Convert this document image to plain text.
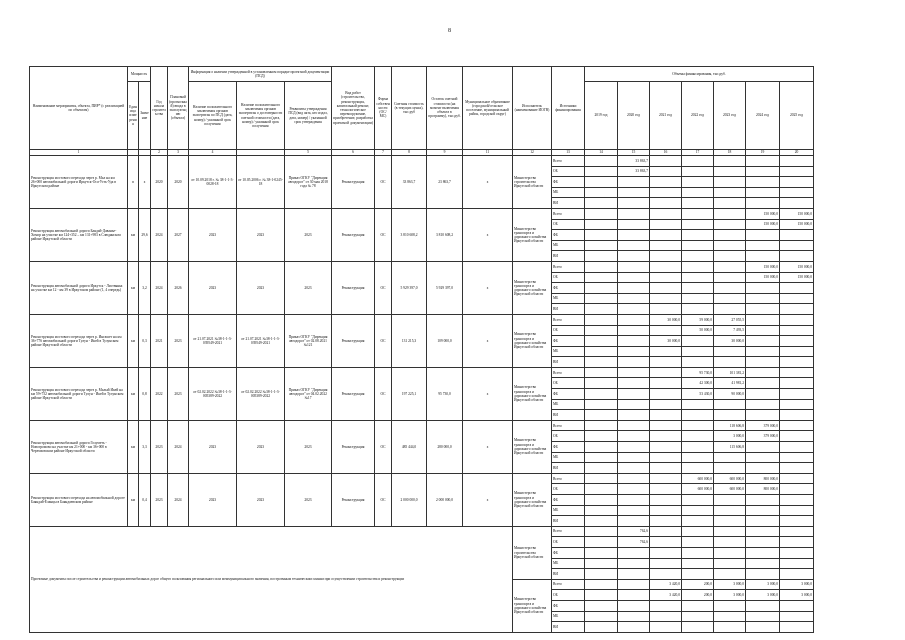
8
Наименование мероприятия, объекта, ПИР* (с реализацией по объектам)	Мощность		Год начала строительства	Плановый (прогнозный) ввода в эксплуатацию (объекта)	Информация о наличии утвержденной в установленном порядке проектной документации (ПСД)			Вид работ (строительство, реконструкция, капитальный ремонт, технологическое перевооружение, приобретение, разработка проектной документации)	Форма собственности (ОС/ МС)	Сметная стоимость (в текущих ценах), тыс.руб	Остаток сметной стоимости (на момент включения объекта в программу), тыс.руб.	Муниципальное образование (городской/сельское поселение, муниципальный район, городской округ)	Исполнитель (наименование ИОГВ)	Источники финансирования	Объемы финансирования, тыс.руб.						
	Единица измерения	Значение			Наличие положительного заключения органов экспертизы по ПСД (дата, номер) / указанной срок получения	Наличие положительного заключения органов экспертизы о достоверности сметной стоимости (дата, номер) / указанной срок получения	Реквизиты утверждения ПСД (вид акта, кто издал, дата, номер) / указанной срок утверждения								2019 год	2020 год	2021 год	2022 год	2023 год	2024 год	2025 год

1			2	3	4		5	6	7	8	9	11	12	13	14	15	16	17	18	19	20
Реконструкция мостового перехода через р. Мал на км 26+000 автомобильной дороги Иркутск-Оса-Усть-Уда в Иркутском районе	п	х	2020	2020	от 10.09.2018 г. № 38-1-1-3-0028-18	от 10.05.2006 г. № 38-1-0245-18	Приказ ОГКУ "Дирекция автодорог" от 30 мая 2018 года № 78	Реконструкция	ОС	33 863,7	23 863,7	х	Министерство строительства Иркутской области	Всего		33 863,7					
														ОБ		33 863,7					
														ФБ							
														МБ							
														ВИ							
Реконструкция автомобильной дороги Бандай-Даванье-Хомор на участке км 124+352 – км 131+983 в Слюдянском районе Иркутской области	км	29,6	2024	2027	2023	2023	2023	Реконструкция	ОС	3 810 608,2	3 810 608,2	х	Министерство транспорта и дорожного хозяйства Иркутской области	Всего						150 000,0	150 000,0
														ОБ						150 000,0	150 000,0
														ФБ							
														МБ							
														ВИ							
Реконструкция автомобильной дороги Иркутск - Листвянка на участке км 12 - км 39 в Иркутском районе (1, 4 очередь)	км	3,2	2024	2026	2023	2023	2023	Реконструкция	ОС	5 929 397,0	5 929 397,0	х	Министерство транспорта и дорожного хозяйства Иркутской области	Всего						150 000,0	150 000,0
														ОБ						150 000,0	150 000,0
														ФБ							
														МБ							
														ВИ							
Реконструкция мостового перехода через р. Ингашет на км 36+776 автомобильной дороги Тулун - Икей в Тулунском районе Иркутской области	км	0,3	2021	2023	от 21.07.2021 №38-1-1-3-039549-2021	от 21.07.2021 №38-1-1-3-039549-2021	Приказ ОГКУ "Дирекция автодорог" от 02.08.2021 №121	Реконструкция	ОС	131 215,3	109 000,0	х	Министерство транспорта и дорожного хозяйства Иркутской области	Всего			30 000,0	59 000,0	27 055,5		
														ОБ				50 000,0	7 493,5		
														ФБ			30 000,0		30 000,0		
														МБ							
														ВИ							
Реконструкция мостового перехода через р. Малый Икей на км 59+752 автомобильной дороги Тулун - Икей в Тулунском районе Иркутской области	км	0,8	2022	2023	от 02.02.2022 №38-1-1-3-005389-2022	от 02.02.2022 №38-1-1-3-005389-2022	Приказ ОГКУ "Дирекция автодорог" от 04.02.2022 №17	Реконструкция	ОС	197 225,1	95 730,0	х	Министерство транспорта и дорожного хозяйства Иркутской области	Всего				95 730,0	101 381,2		
														ОБ				42 300,0	41 981,2		
														ФБ				53 430,0	90 000,0		
														МБ							
														ВИ							
Реконструкция автомобильной дороги Голуметь - Новогромово на участке км 21+000 - км 36+000 в Черемховском районе Иркутской области	км	3,3	2023	2024	2023	2023	2023	Реконструкция	ОС	485 444,0	280 000,0	х	Министерство транспорта и дорожного хозяйства Иркутской области	Всего					118 606,8	379 000,0	
														ОБ					3 000,0	379 000,0	
														ФБ					115 606,8		
														МБ							
														ВИ							
Реконструкция мостового перехода на автомобильной дороге Баяндай-Еланцы в Баяндаевском районе	км	0,4	2023	2024	2023	2023	2023	Реконструкция	ОС	2 000 000,0	2 000 000,0	х	Министерство транспорта и дорожного хозяйства Иркутской области	Всего				600 000,0	600 000,0	800 000,0	
														ОБ				600 000,0	600 000,0	800 000,0	
														ФБ							
														МБ							
														ВИ							
Проектные документы после строительства и реконструкции автомобильных дорог общего пользования регионального или межмуниципального значения, построенным техническим планам при осуществлении строительства и реконструкции													Министерство строительства Иркутской области	Всего		762,6					
														ОБ		762,6					
														ФБ							
														МБ							
														ВИ							
													Министерство транспорта и дорожного хозяйства Иркутской области	Всего			3 420,0	200,0	3 000,0	3 000,0	3 000,0
														ОБ			3 420,0	200,0	3 000,0	3 000,0	3 000,0
														ФБ							
														МБ							
														ВИ							
